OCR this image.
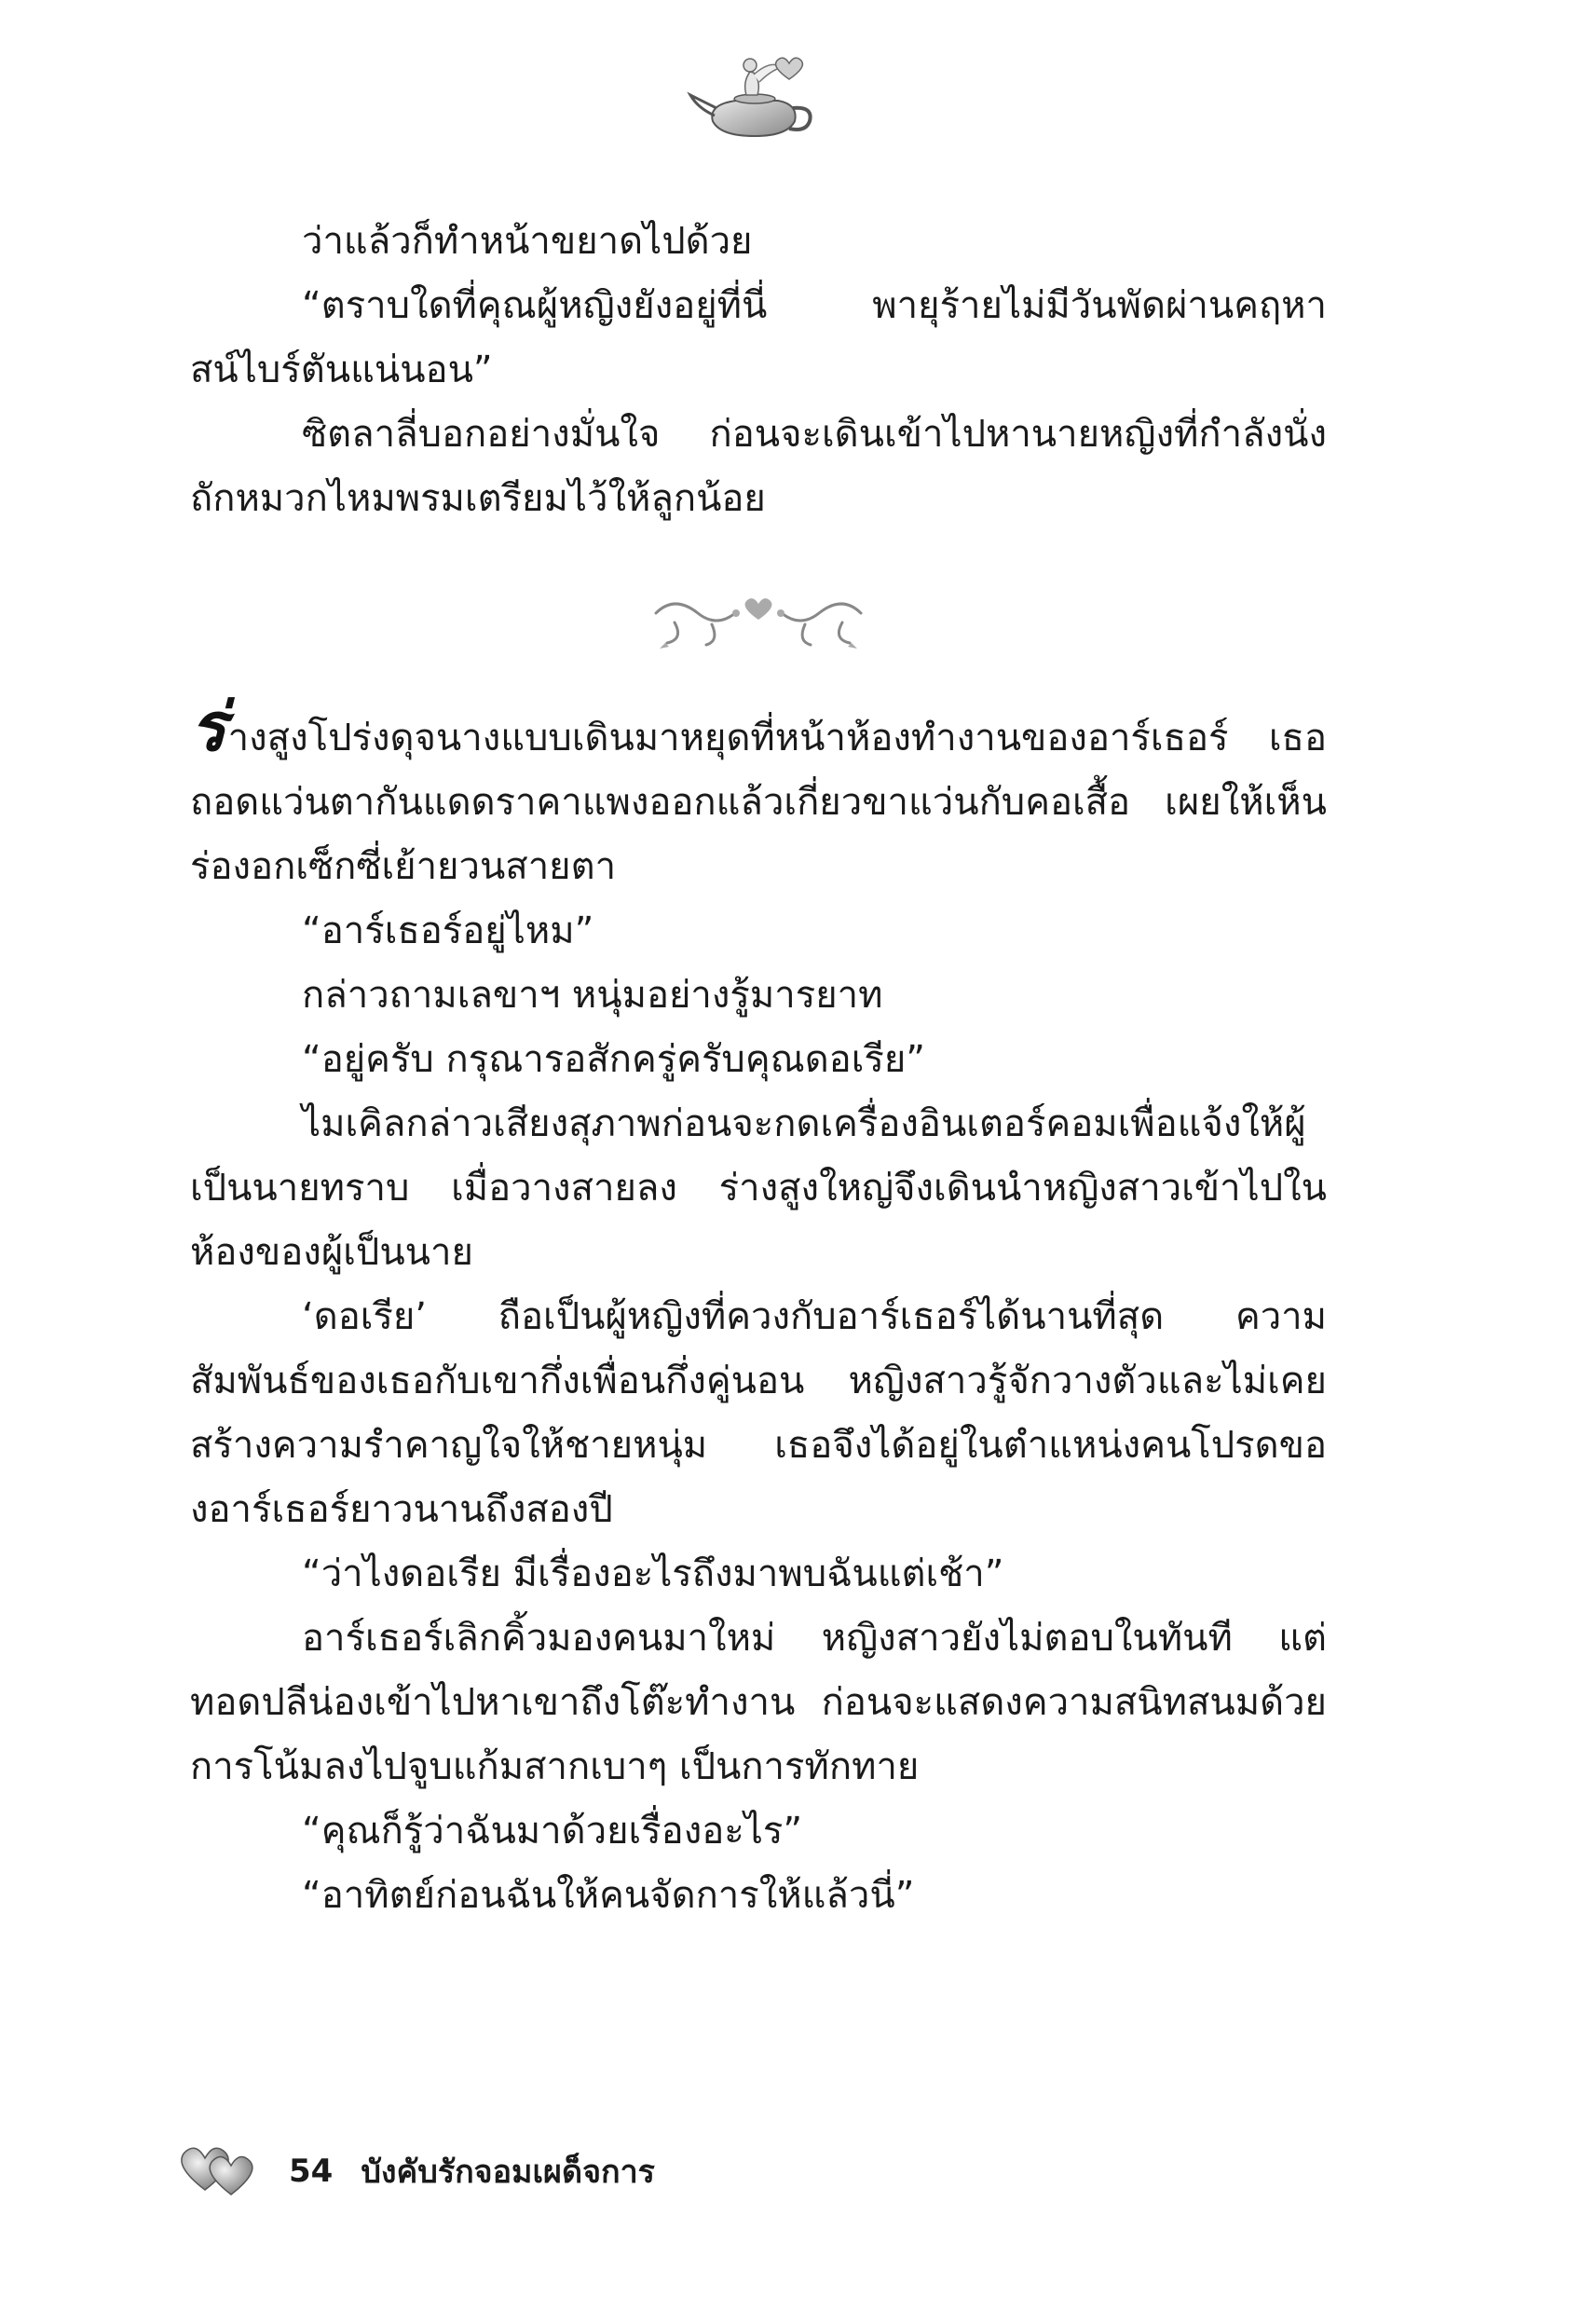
ว่าแล้วก็ทำหน้าขยาดไปด้วย

“ตราบใดที่คุณผู้หญิงยังอยู่ที่นี่ พายุร้ายไม่มีวันพัดผ่านคฤหาสน์ไบร์ตันแน่นอน”

ซิตลาลี่บอกอย่างมั่นใจ ก่อนจะเดินเข้าไปหานายหญิงที่กำลังนั่งถักหมวกไหมพรมเตรียมไว้ให้ลูกน้อย

ร่างสูงโปร่งดุจนางแบบเดินมาหยุดที่หน้าห้องทำงานของอาร์เธอร์ เธอถอดแว่นตากันแดดราคาแพงออกแล้วเกี่ยวขาแว่นกับคอเสื้อ เผยให้เห็นร่องอกเซ็กซี่เย้ายวนสายตา

“อาร์เธอร์อยู่ไหม”

กล่าวถามเลขาฯ หนุ่มอย่างรู้มารยาท

“อยู่ครับ กรุณารอสักครู่ครับคุณดอเรีย”

ไมเคิลกล่าวเสียงสุภาพก่อนจะกดเครื่องอินเตอร์คอมเพื่อแจ้งให้ผู้เป็นนายทราบ เมื่อวางสายลง ร่างสูงใหญ่จึงเดินนำหญิงสาวเข้าไปในห้องของผู้เป็นนาย

‘ดอเรีย’ ถือเป็นผู้หญิงที่ควงกับอาร์เธอร์ได้นานที่สุด ความสัมพันธ์ของเธอกับเขากึ่งเพื่อนกึ่งคู่นอน หญิงสาวรู้จักวางตัวและไม่เคยสร้างความรำคาญใจให้ชายหนุ่ม เธอจึงได้อยู่ในตำแหน่งคนโปรดของอาร์เธอร์ยาวนานถึงสองปี

“ว่าไงดอเรีย มีเรื่องอะไรถึงมาพบฉันแต่เช้า”

อาร์เธอร์เลิกคิ้วมองคนมาใหม่ หญิงสาวยังไม่ตอบในทันที แต่ทอดปลีน่องเข้าไปหาเขาถึงโต๊ะทำงาน ก่อนจะแสดงความสนิทสนมด้วยการโน้มลงไปจูบแก้มสากเบาๆ เป็นการทักทาย

“คุณก็รู้ว่าฉันมาด้วยเรื่องอะไร”

“อาทิตย์ก่อนฉันให้คนจัดการให้แล้วนี่”

54 บังคับรักจอมเผด็จการ
